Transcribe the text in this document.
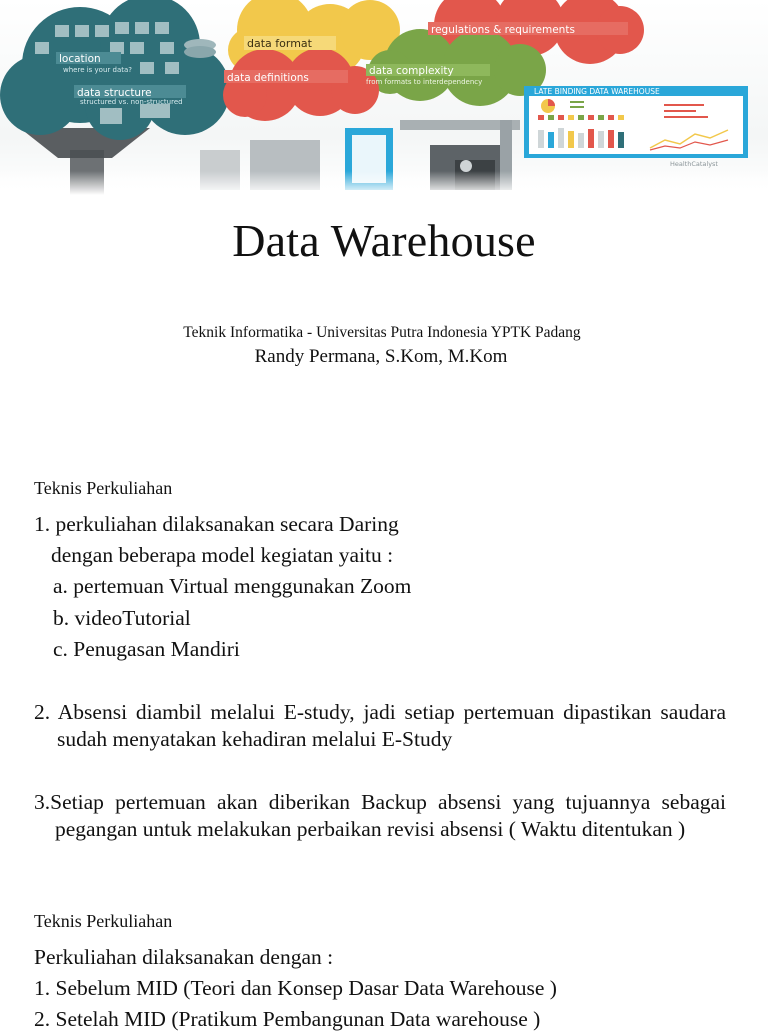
data format
regulations & requirements
location
where is your data?	data complexity
from formats to interdependency
data definitions
data structure
structured vs. non-structured
LATE BINDING DATA WAREHOUSE
HealthCatalyst
Data Warehouse
Teknik Informatika - Universitas Putra Indonesia YPTK Padang
Randy Permana, S.Kom, M.Kom
Teknis Perkuliahan
1. perkuliahan dilaksanakan secara Daring
dengan beberapa model kegiatan yaitu :
a. pertemuan Virtual menggunakan Zoom
b. videoTutorial
c. Penugasan Mandiri
2. Absensi diambil melalui E-study, jadi setiap pertemuan dipastikan saudara
sudah menyatakan kehadiran melalui E-Study
3.Setiap pertemuan akan diberikan Backup absensi yang tujuannya sebagai
pegangan untuk melakukan perbaikan revisi absensi ( Waktu ditentukan )
Teknis Perkuliahan
Perkuliahan dilaksanakan dengan :
1. Sebelum MID (Teori dan Konsep Dasar Data Warehouse )
2. Setelah MID (Pratikum Pembangunan Data warehouse )
